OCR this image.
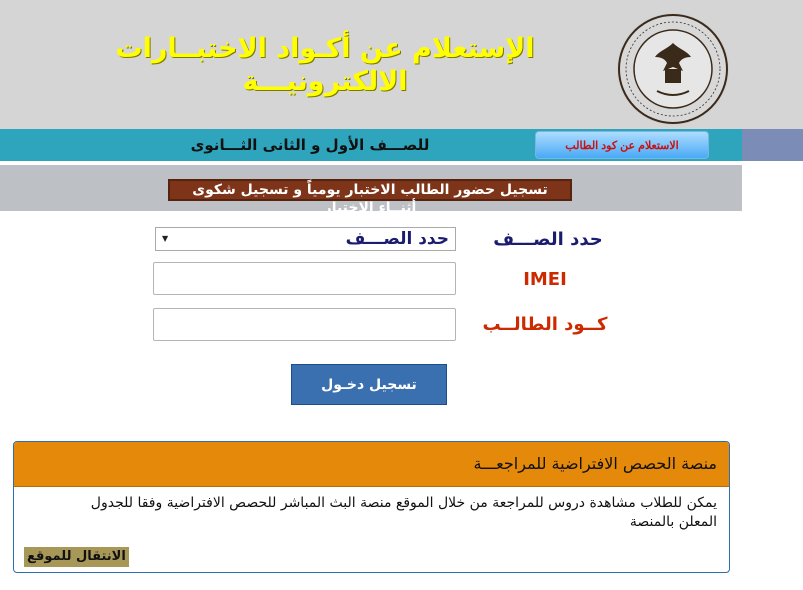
الإستعلام عن أكـواد الاختبــارات
الالكترونيـــة
للصـــف الأول و الثانى الثـــانوى	الاستعلام عن كود الطالب
تسجيل حضور الطالب الاختبار يومياً و تسجيل شكوى
أثنــاء الاختبار
حدد الصـــف
حدد الصـــف
▼
IMEI
كــود الطالــب
تسجيل دخـول
منصة الحصص الافتراضية للمراجعـــة
يمكن للطلاب مشاهدة دروس للمراجعة من خلال الموقع منصة البث المباشر للحصص الافتراضية وفقا للجدول المعلن بالمنصة
الانتقال للموقع
